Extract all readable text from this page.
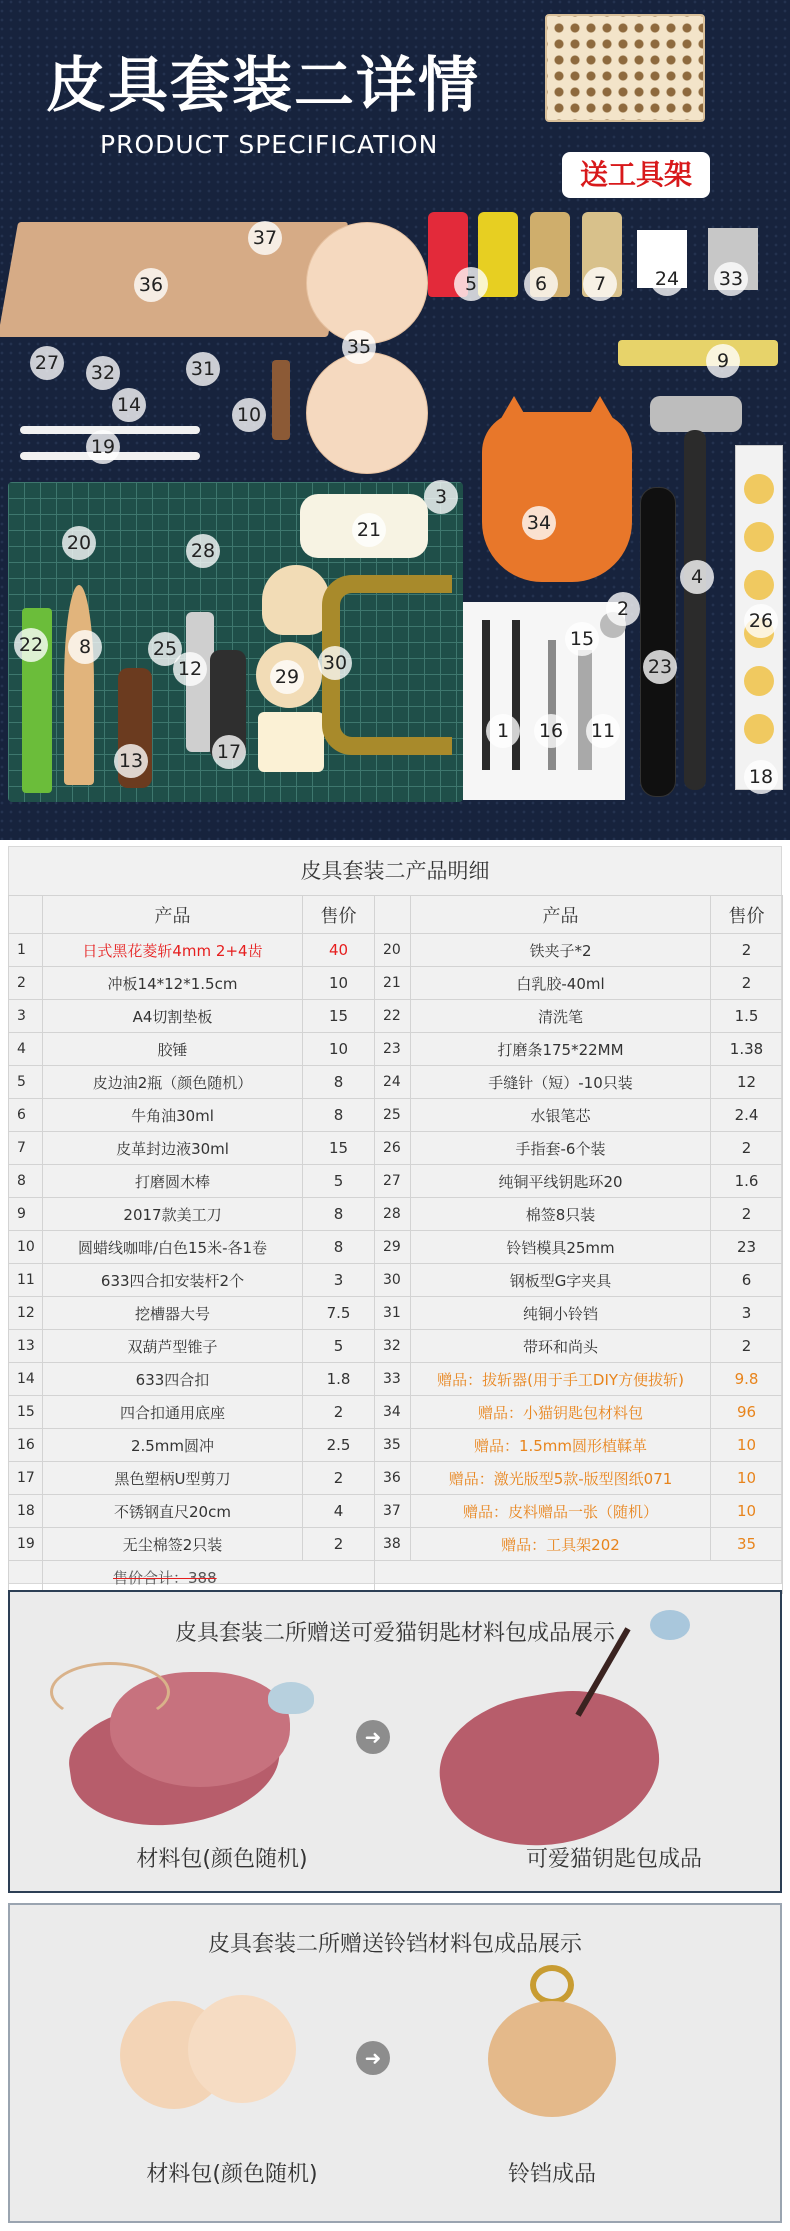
皮具套装二详情
PRODUCT SPECIFICATION
送工具架
37
36	5	6	7	24 33
35
27 32	31
14	10
19
9
3
20	28
21	34
4
2
15
26
22	8	25
12	29
30	23
1	16 11
13	17
18
皮具套装二产品明细
	产品	售价		产品	售价
1	日式黑花菱斩4mm 2+4齿	40	20	铁夹子*2	2
2	冲板14*12*1.5cm	10	21	白乳胶-40ml	2
3	A4切割垫板	15	22	清洗笔	1.5
4	胶锤	10	23	打磨条175*22MM	1.38
5	皮边油2瓶（颜色随机）	8	24	手缝针（短）-10只装	12
6	牛角油30ml	8	25	水银笔芯	2.4
7	皮革封边液30ml	15	26	手指套-6个装	2
8	打磨圆木棒	5	27	纯铜平线钥匙环20	1.6
9	2017款美工刀	8	28	棉签8只装	2
10	圆蜡线咖啡/白色15米-各1卷	8	29	铃铛模具25mm	23
11	633四合扣安装杆2个	3	30	钢板型G字夹具	6
12	挖槽器大号	7.5	31	纯铜小铃铛	3
13	双葫芦型锥子	5	32	带环和尚头	2
14	633四合扣	1.8	33	赠品：拔斩器(用于手工DIY方便拔斩)	9.8
15	四合扣通用底座	2	34	赠品：小猫钥匙包材料包	96
16	2.5mm圆冲	2.5	35	赠品：1.5mm圆形植鞣革	10
17	黑色塑柄U型剪刀	2	36	赠品：激光版型5款-版型图纸071	10
18	不锈钢直尺20cm	4	37	赠品：皮料赠品一张（随机）	10
19	无尘棉签2只装	2	38	赠品：工具架202	35
	售价合计：388				
皮具套装二所赠送可爱猫钥匙材料包成品展示
➜
材料包(颜色随机)	可爱猫钥匙包成品
皮具套装二所赠送铃铛材料包成品展示
➜
材料包(颜色随机)	铃铛成品
